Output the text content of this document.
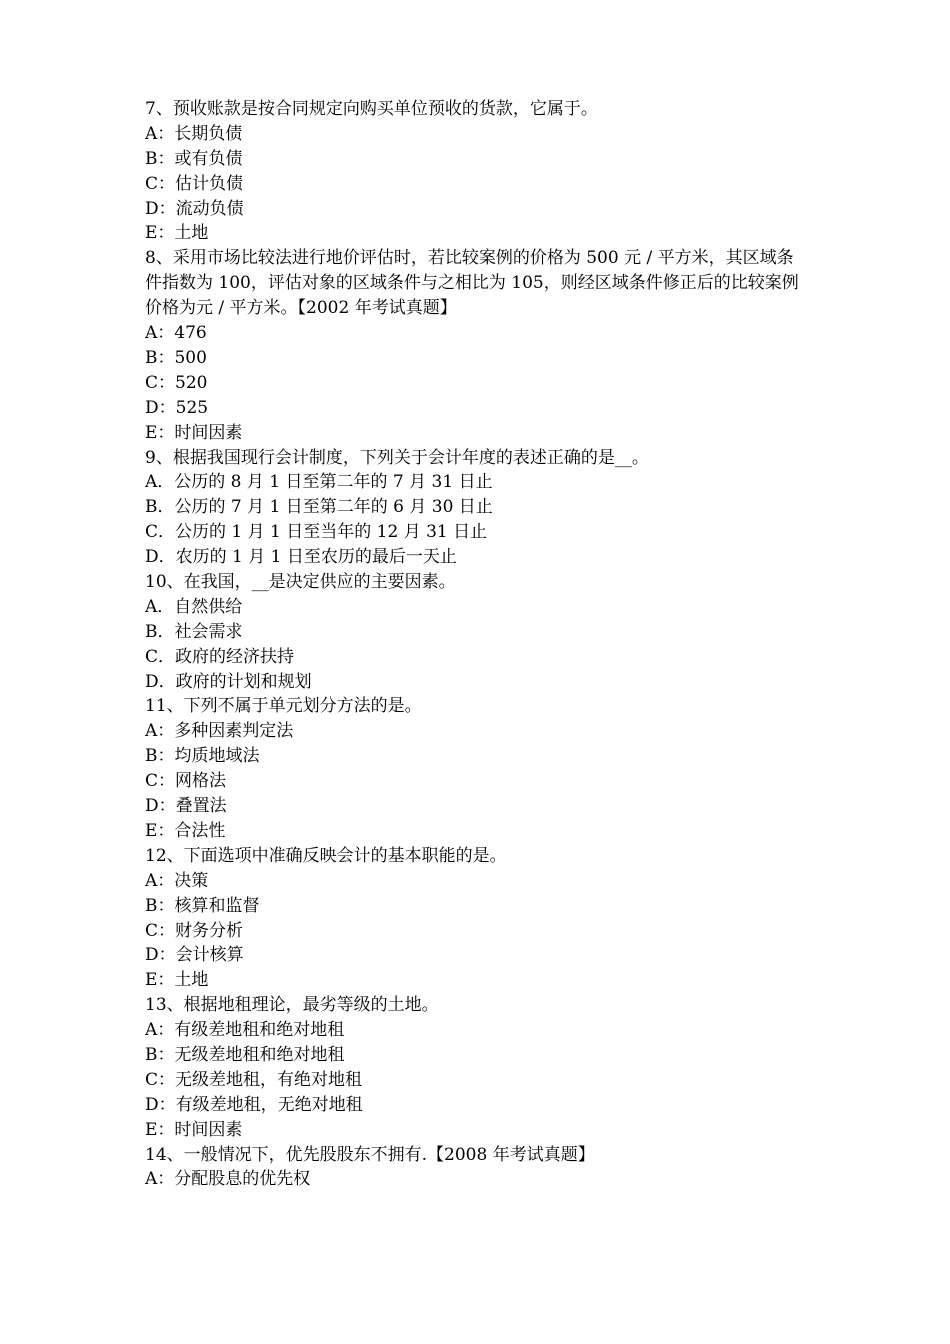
7、预收账款是按合同规定向购买单位预收的货款，它属于。
A：长期负债
B：或有负债
C：估计负债
D：流动负债
E：土地
8、采用市场比较法进行地价评估时，若比较案例的价格为 500 元 / 平方米，其区域条件指数为 100，评估对象的区域条件与之相比为 105，则经区域条件修正后的比较案例价格为元 / 平方米。【2002 年考试真题】
A：476
B：500
C：520
D：525
E：时间因素
9、根据我国现行会计制度，下列关于会计年度的表述正确的是__。
A．公历的 8 月 1 日至第二年的 7 月 31 日止
B．公历的 7 月 1 日至第二年的 6 月 30 日止
C．公历的 1 月 1 日至当年的 12 月 31 日止
D．农历的 1 月 1 日至农历的最后一天止
10、在我国，__是决定供应的主要因素。
A．自然供给
B．社会需求
C．政府的经济扶持
D．政府的计划和规划
11、下列不属于单元划分方法的是。
A：多种因素判定法
B：均质地域法
C：网格法
D：叠置法
E：合法性
12、下面选项中准确反映会计的基本职能的是。
A：决策
B：核算和监督
C：财务分析
D：会计核算
E：土地
13、根据地租理论，最劣等级的土地。
A：有级差地租和绝对地租
B：无级差地租和绝对地租
C：无级差地租，有绝对地租
D：有级差地租，无绝对地租
E：时间因素
14、一般情况下，优先股股东不拥有.【2008 年考试真题】
A：分配股息的优先权
